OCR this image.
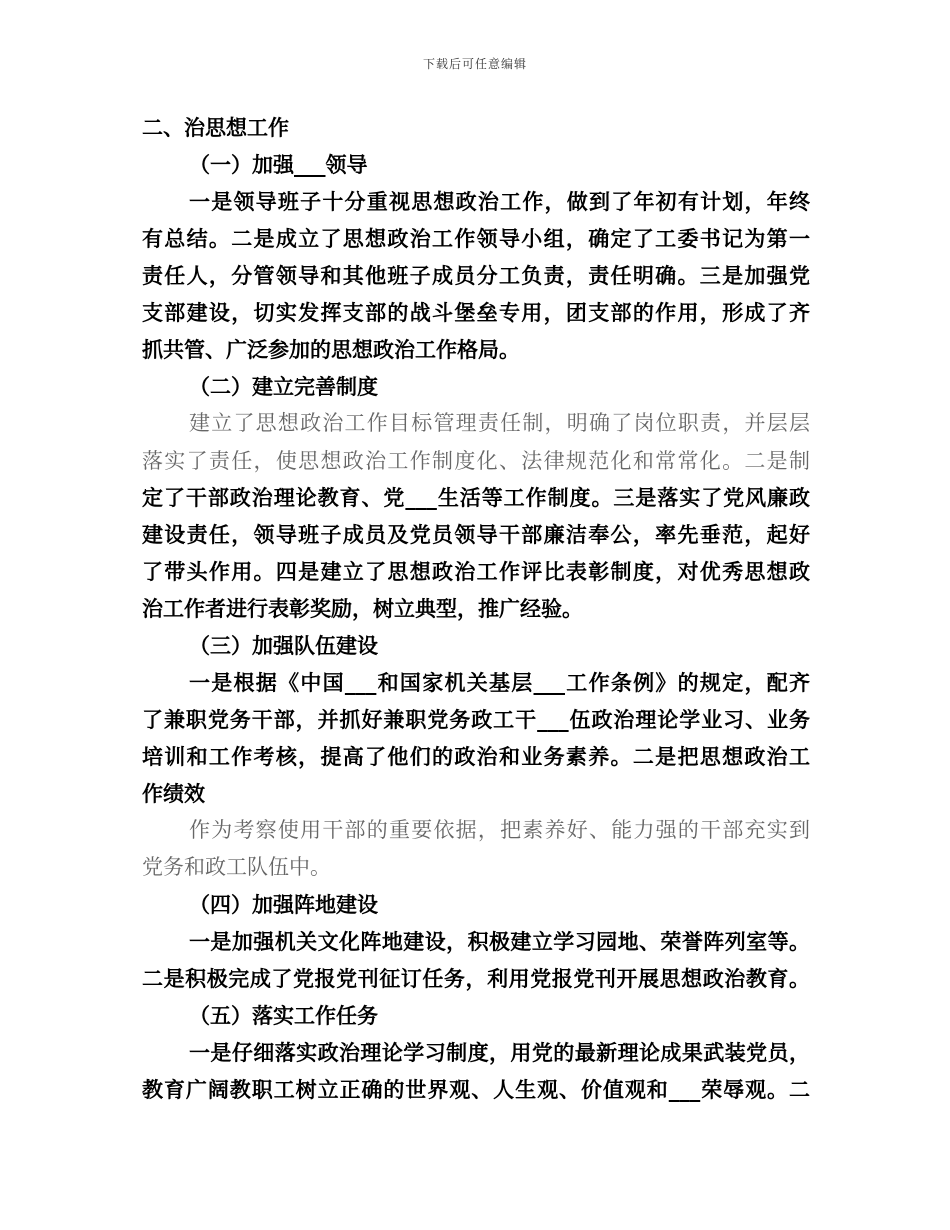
下载后可任意编辑
二、治思想工作
（一）加强___领导
一是领导班子十分重视思想政治工作，做到了年初有计划，年终
有总结。二是成立了思想政治工作领导小组，确定了工委书记为第一
责任人，分管领导和其他班子成员分工负责，责任明确。三是加强党
支部建设，切实发挥支部的战斗堡垒专用，团支部的作用，形成了齐
抓共管、广泛参加的思想政治工作格局。
（二）建立完善制度
建立了思想政治工作目标管理责任制，明确了岗位职责，并层层
落实了责任，使思想政治工作制度化、法律规范化和常常化。二是制
定了干部政治理论教育、党___生活等工作制度。三是落实了党风廉政
建设责任，领导班子成员及党员领导干部廉洁奉公，率先垂范，起好
了带头作用。四是建立了思想政治工作评比表彰制度，对优秀思想政
治工作者进行表彰奖励，树立典型，推广经验。
（三）加强队伍建设
一是根据《中国___和国家机关基层___工作条例》的规定，配齐
了兼职党务干部，并抓好兼职党务政工干___伍政治理论学业习、业务
培训和工作考核，提高了他们的政治和业务素养。二是把思想政治工
作绩效
作为考察使用干部的重要依据，把素养好、能力强的干部充实到
党务和政工队伍中。
（四）加强阵地建设
一是加强机关文化阵地建设，积极建立学习园地、荣誉阵列室等。
二是积极完成了党报党刊征订任务，利用党报党刊开展思想政治教育。
（五）落实工作任务
一是仔细落实政治理论学习制度，用党的最新理论成果武装党员，
教育广阔教职工树立正确的世界观、人生观、价值观和___荣辱观。二
